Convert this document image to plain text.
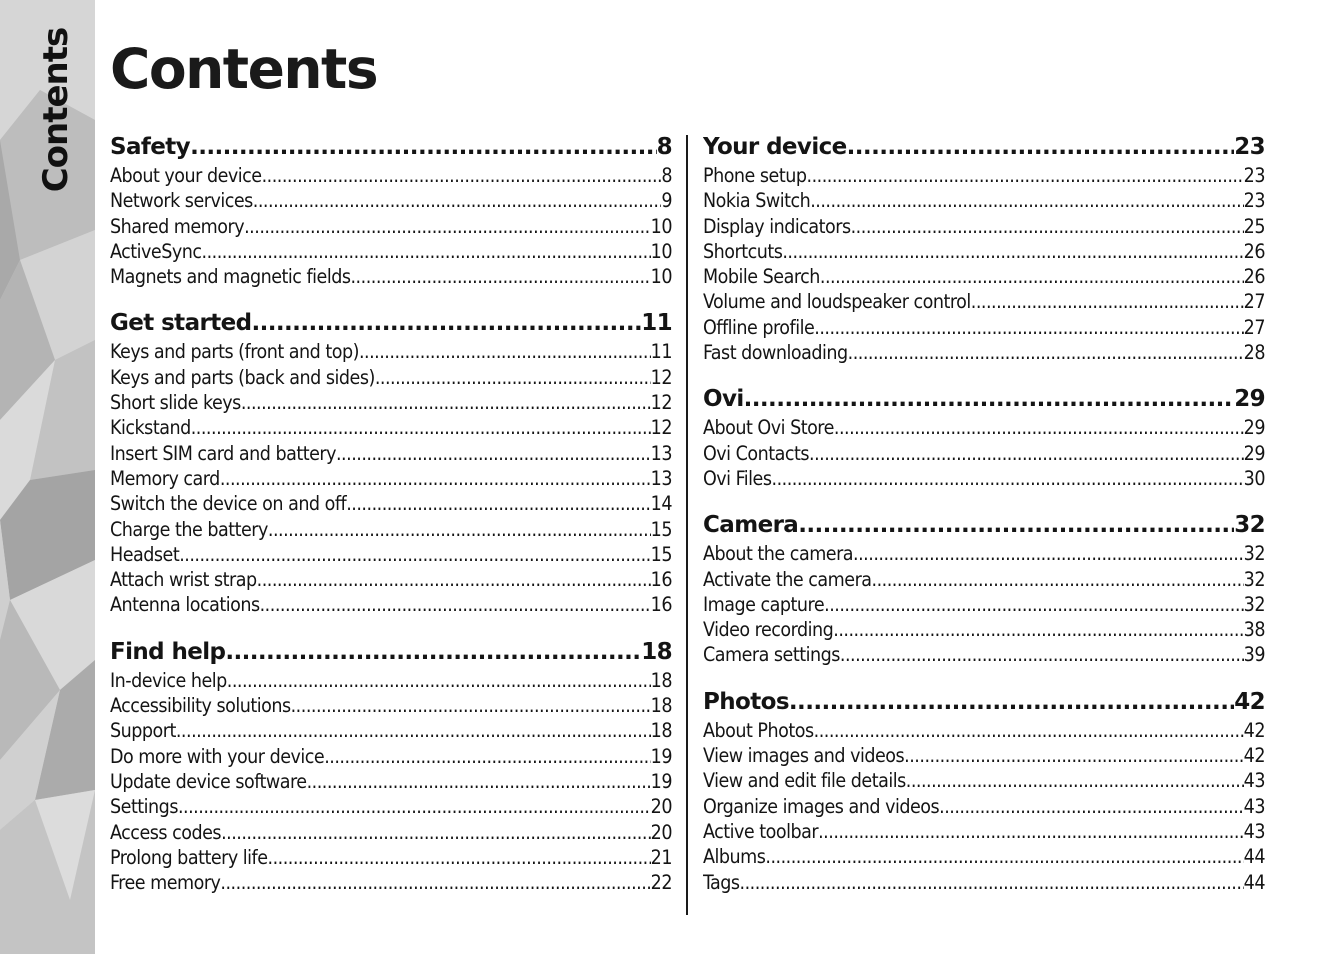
Contents Contents
Safety .....	8
About your device .....	8
Network services .....	9
Shared memory .....	10
ActiveSync .....	10
Magnets and magnetic fields .....	10
Get started .....	11
Keys and parts (front and top) .....	11
Keys and parts (back and sides) .....	12
Short slide keys .....	12
Kickstand .....	12
Insert SIM card and battery .....	13
Memory card .....	13
Switch the device on and off .....	14
Charge the battery .....	15
Headset .....	15
Attach wrist strap .....	16
Antenna locations .....	16
Find help .....	18
In-device help .....	18
Accessibility solutions .....	18
Support .....	18
Do more with your device .....	19
Update device software .....	19
Settings .....	20
Access codes .....	20
Prolong battery life .....	21
Free memory .....	22
Your device .....	23
Phone setup .....	23
Nokia Switch .....	23
Display indicators .....	25
Shortcuts .....	26
Mobile Search .....	26
Volume and loudspeaker control .....	27
Offline profile .....	27
Fast downloading .....	28
Ovi .....	29
About Ovi Store .....	29
Ovi Contacts .....	29
Ovi Files .....	30
Camera .....	32
About the camera .....	32
Activate the camera .....	32
Image capture .....	32
Video recording .....	38
Camera settings .....	39
Photos .....	42
About Photos .....	42
View images and videos .....	42
View and edit file details .....	43
Organize images and videos .....	43
Active toolbar .....	43
Albums .....	44
Tags .....	44
